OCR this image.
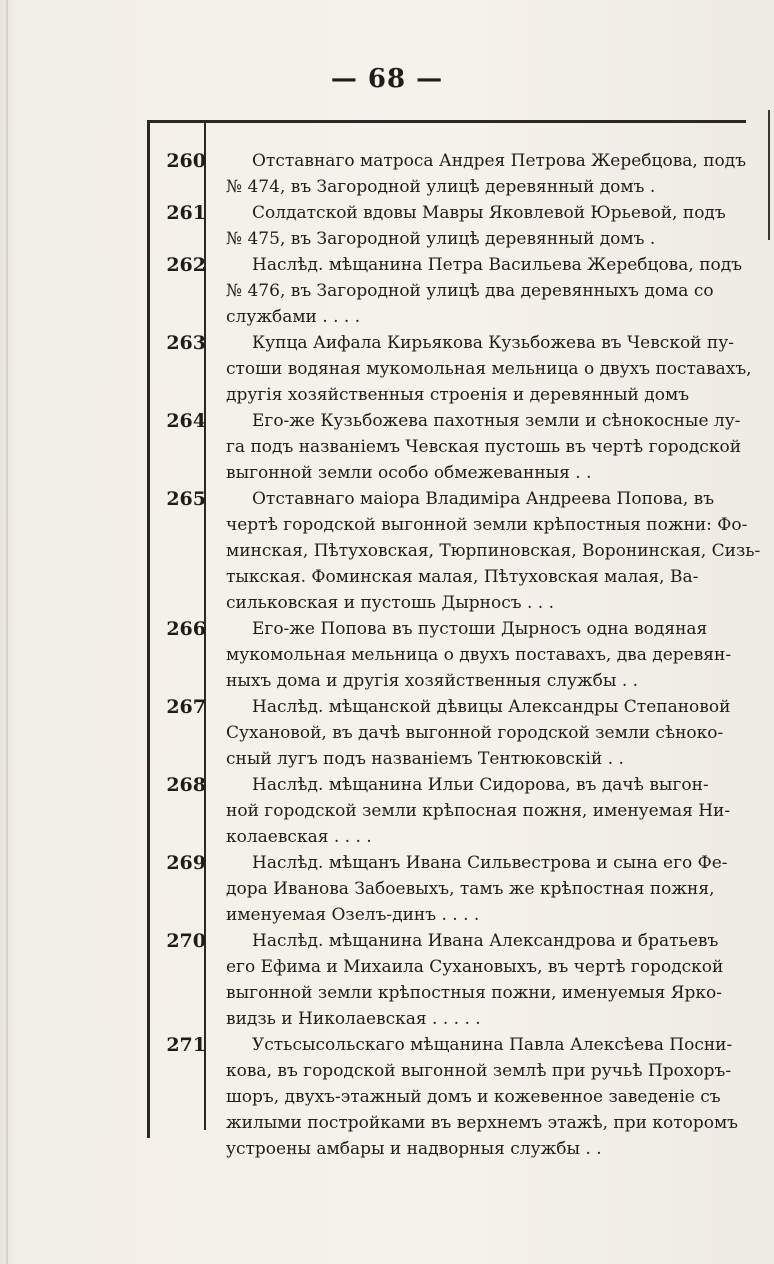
— 68 —
260	Отставнаго матроса Андрея Петрова Жеребцова, подъ
№ 474, въ Загородной улицѣ деревянный домъ .
261	Солдатской вдовы Мавры Яковлевой Юрьевой, подъ
№ 475, въ Загородной улицѣ деревянный домъ .
262	Наслѣд. мѣщанина Петра Васильева Жеребцова, подъ
№ 476, въ Загородной улицѣ два деревянныхъ дома со
службами . . . .
263	Купца Аифала Кирьякова Кузьбожева въ Чевской пу-
стоши водяная мукомольная мельница о двухъ поставахъ,
другія хозяйственныя строенія и деревянный домъ
264	Его-же Кузьбожева пахотныя земли и сѣнокосные лу-
га подъ названіемъ Чевская пустошь въ чертѣ городской
выгонной земли особо обмежеванныя . .
265	Отставнаго маіора Владиміра Андреева Попова, въ
чертѣ городской выгонной земли крѣпостныя пожни: Фо-
минская, Пѣтуховская, Тюрпиновская, Воронинская, Сизь-
тыкская. Фоминская малая, Пѣтуховская малая, Ва-
сильковская и пустошь Дырносъ . . .
266	Его-же Попова въ пустоши Дырносъ одна водяная
мукомольная мельница о двухъ поставахъ, два деревян-
ныхъ дома и другія хозяйственныя службы . .
267	Наслѣд. мѣщанской дѣвицы Александры Степановой
Сухановой, въ дачѣ выгонной городской земли сѣноко-
сный лугъ подъ названіемъ Тентюковскій . .
268	Наслѣд. мѣщанина Ильи Сидорова, въ дачѣ выгон-
ной городской земли крѣпосная пожня, именуемая Ни-
колаевская . . . .
269	Наслѣд. мѣщанъ Ивана Сильвестрова и сына его Фе-
дора Иванова Забоевыхъ, тамъ же крѣпостная пожня,
именуемая Озелъ-динъ . . . .
270	Наслѣд. мѣщанина Ивана Александрова и братьевъ
его Ефима и Михаила Сухановыхъ, въ чертѣ городской
выгонной земли крѣпостныя пожни, именуемыя Ярко-
видзь и Николаевская . . . . .
271	Устьсысольскаго мѣщанина Павла Алексѣева Посни-
кова, въ городской выгонной землѣ при ручьѣ Прохоръ-
шоръ, двухъ-этажный домъ и кожевенное заведеніе съ
жилыми постройками въ верхнемъ этажѣ, при которомъ
устроены амбары и надворныя службы . .
